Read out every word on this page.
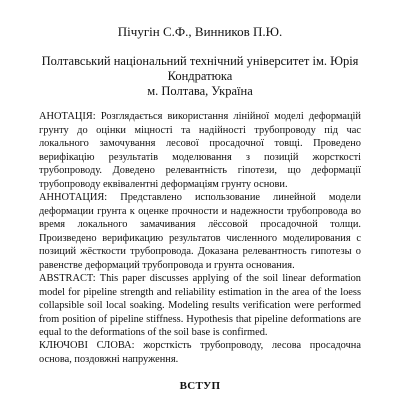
Пічугін С.Ф., Винников П.Ю.
Полтавський національний технічний університет ім. Юрія Кондратюка
м. Полтава, Україна

АНОТАЦІЯ: Розглядається використання лінійної моделі деформацій грунту до оцінки міцності та надійності трубопроводу під час локального замочування лесової просадочної товщі. Проведено верифікацію результатів моделювання з позицій жорсткості трубопроводу. Доведено релевантність гіпотези, що деформації трубопроводу еквівалентні деформаціям грунту основи.

АННОТАЦИЯ: Представлено использование линейной модели деформации грунта к оценке прочности и надежности трубопровода во время локального замачивания лёссовой просадочной толщи. Произведено верификацию результатов численного моделирования с позиций жёсткости трубопровода. Доказана релевантность гипотезы о равенстве деформаций трубопровода и грунта основания.

ABSTRACT: This paper discusses applying of the soil linear deformation model for pipeline strength and reliability estimation in the area of the loess collapsible soil local soaking. Modeling results verification were performed from position of pipeline stiffness. Hypothesis that pipeline deformations are equal to the deformations of the soil base is confirmed.

КЛЮЧОВІ СЛОВА: жорсткість трубопроводу, лесова просадочна основа, поздовжні напруження.

ВСТУП
